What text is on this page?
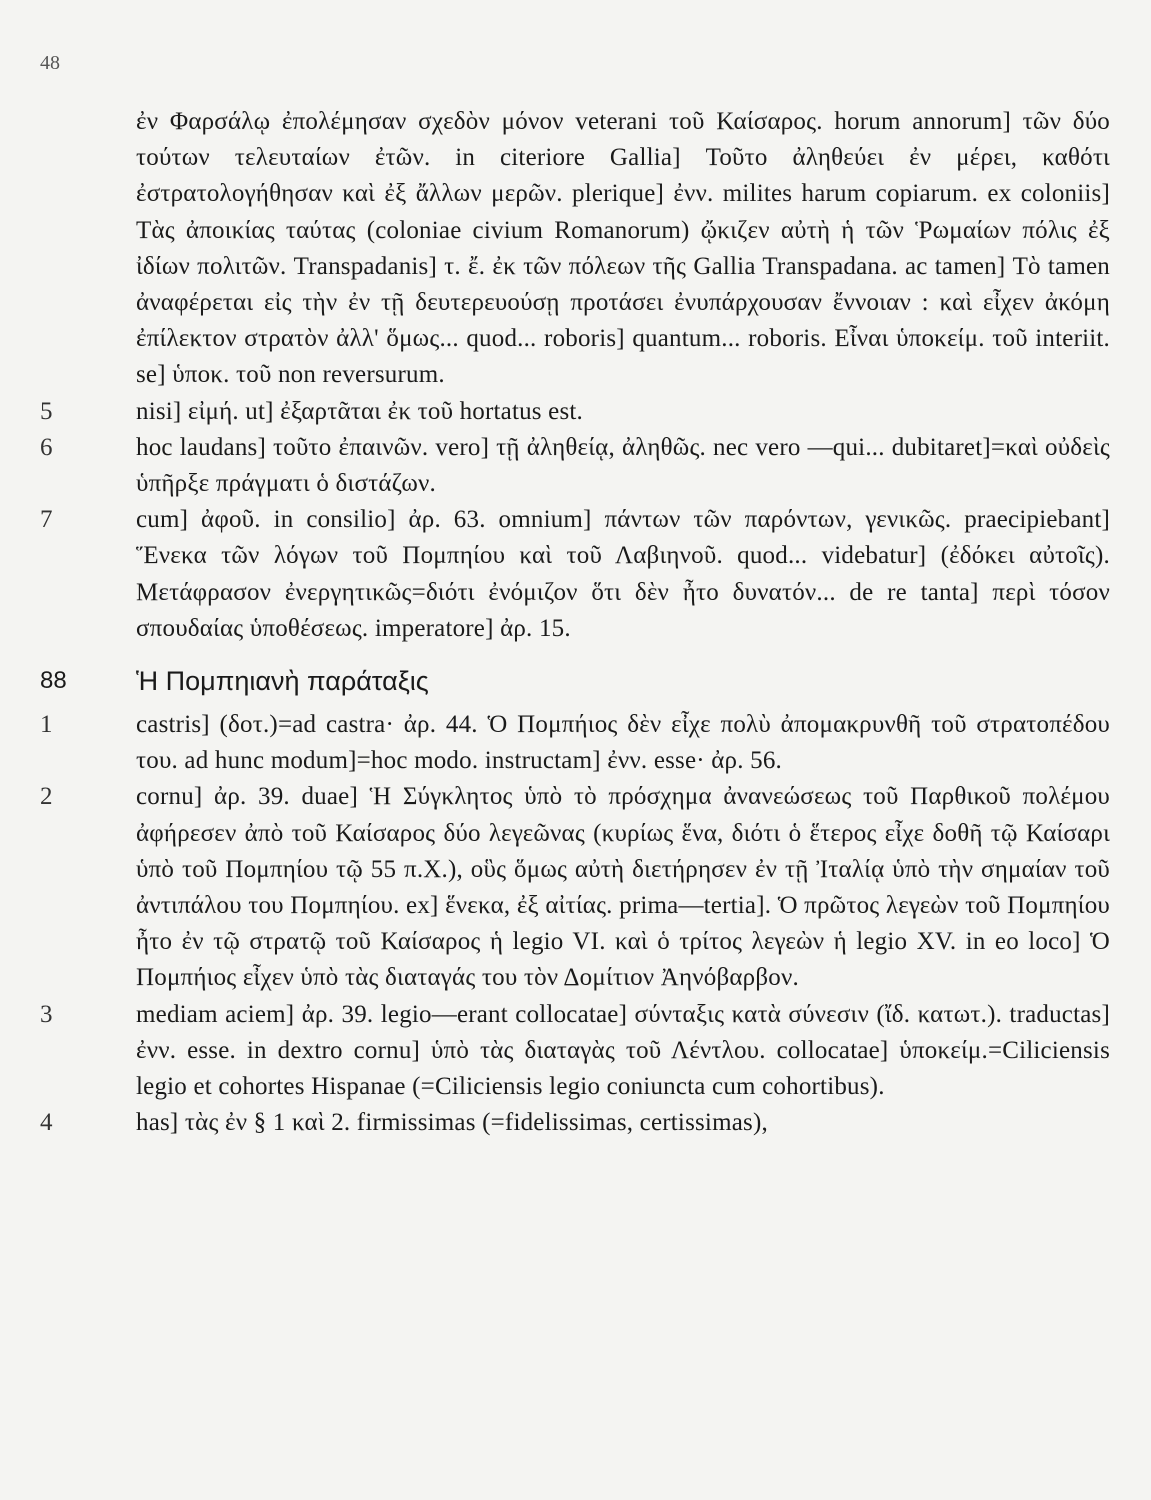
48
ἐν Φαρσάλῳ ἐπολέμησαν σχεδὸν μόνον veterani τοῦ Καίσαρος. horum annorum] τῶν δύο τούτων τελευταίων ἐτῶν. in citeriore Gallia] Τοῦτο ἀληθεύει ἐν μέρει, καθότι ἐστρατολογήθησαν καὶ ἐξ ἄλλων μερῶν. plerique] ἐνν. milites harum copiarum. ex coloniis] Τὰς ἀποικίας ταύτας (coloniae civium Romanorum) ᾤκιζεν αὐτὴ ἡ τῶν Ῥωμαίων πόλις ἐξ ἰδίων πολιτῶν. Transpadanis] τ. ἔ. ἐκ τῶν πόλεων τῆς Gallia Transpadana. ac tamen] Τὸ tamen ἀναφέρεται εἰς τὴν ἐν τῇ δευτερευούσῃ προτάσει ἐνυπάρχουσαν ἔννοιαν : καὶ εἶχεν ἀκόμη ἐπίλεκτον στρατὸν ἀλλ' ὅμως... quod... roboris] quantum... roboris. Εἶναι ὑποκείμ. τοῦ interiit. se] ὑποκ. τοῦ non reversurum.
5	nisi] εἰμή. ut] ἐξαρτᾶται ἐκ τοῦ hortatus est.
6	hoc laudans] τοῦτο ἐπαινῶν. vero] τῇ ἀληθείᾳ, ἀληθῶς. nec vero —qui... dubitaret]=καὶ οὐδεὶς ὑπῆρξε πράγματι ὁ διστάζων.
7	cum] ἀφοῦ. in consilio] ἀρ. 63. omnium] πάντων τῶν παρόντων, γενικῶς. praecipiebant] Ἕνεκα τῶν λόγων τοῦ Πομπηίου καὶ τοῦ Λαβιηνοῦ. quod... videbatur] (ἐδόκει αὐτοῖς). Μετάφρασον ἐνεργητικῶς=διότι ἐνόμιζον ὅτι δὲν ἦτο δυνατόν... de re tanta] περὶ τόσον σπουδαίας ὑποθέσεως. imperatore] ἀρ. 15.
88	Ἡ Πομπηιανὴ παράταξις
1	castris] (δοτ.)=ad castra· ἀρ. 44. Ὁ Πομπήιος δὲν εἶχε πολὺ ἀπομακρυνθῆ τοῦ στρατοπέδου του. ad hunc modum]=hoc modo. instructam] ἐνν. esse· ἀρ. 56.
2	cornu] ἀρ. 39. duae] Ἡ Σύγκλητος ὑπὸ τὸ πρόσχημα ἀνανεώσεως τοῦ Παρθικοῦ πολέμου ἀφήρεσεν ἀπὸ τοῦ Καίσαρος δύο λεγεῶνας (κυρίως ἕνα, διότι ὁ ἕτερος εἶχε δοθῆ τῷ Καίσαρι ὑπὸ τοῦ Πομπηίου τῷ 55 π.Χ.), οὓς ὅμως αὐτὴ διετήρησεν ἐν τῇ Ἰταλίᾳ ὑπὸ τὴν σημαίαν τοῦ ἀντιπάλου του Πομπηίου. ex] ἕνεκα, ἐξ αἰτίας. prima—tertia]. Ὁ πρῶτος λεγεὼν τοῦ Πομπηίου ἦτο ἐν τῷ στρατῷ τοῦ Καίσαρος ἡ legio VI. καὶ ὁ τρίτος λεγεὼν ἡ legio XV. in eo loco] Ὁ Πομπήιος εἶχεν ὑπὸ τὰς διαταγάς του τὸν Δομίτιον Ἀηνόβαρβον.
3	mediam aciem] ἀρ. 39. legio—erant collocatae] σύνταξις κατὰ σύνεσιν (ἴδ. κατωτ.). traductas] ἐνν. esse. in dextro cornu] ὑπὸ τὰς διαταγὰς τοῦ Λέντλου. collocatae] ὑποκείμ.=Ciliciensis legio et cohortes Hispanae (=Ciliciensis legio coniuncta cum cohortibus).
4	has] τὰς ἐν § 1 καὶ 2. firmissimas (=fidelissimas, certissimas),
